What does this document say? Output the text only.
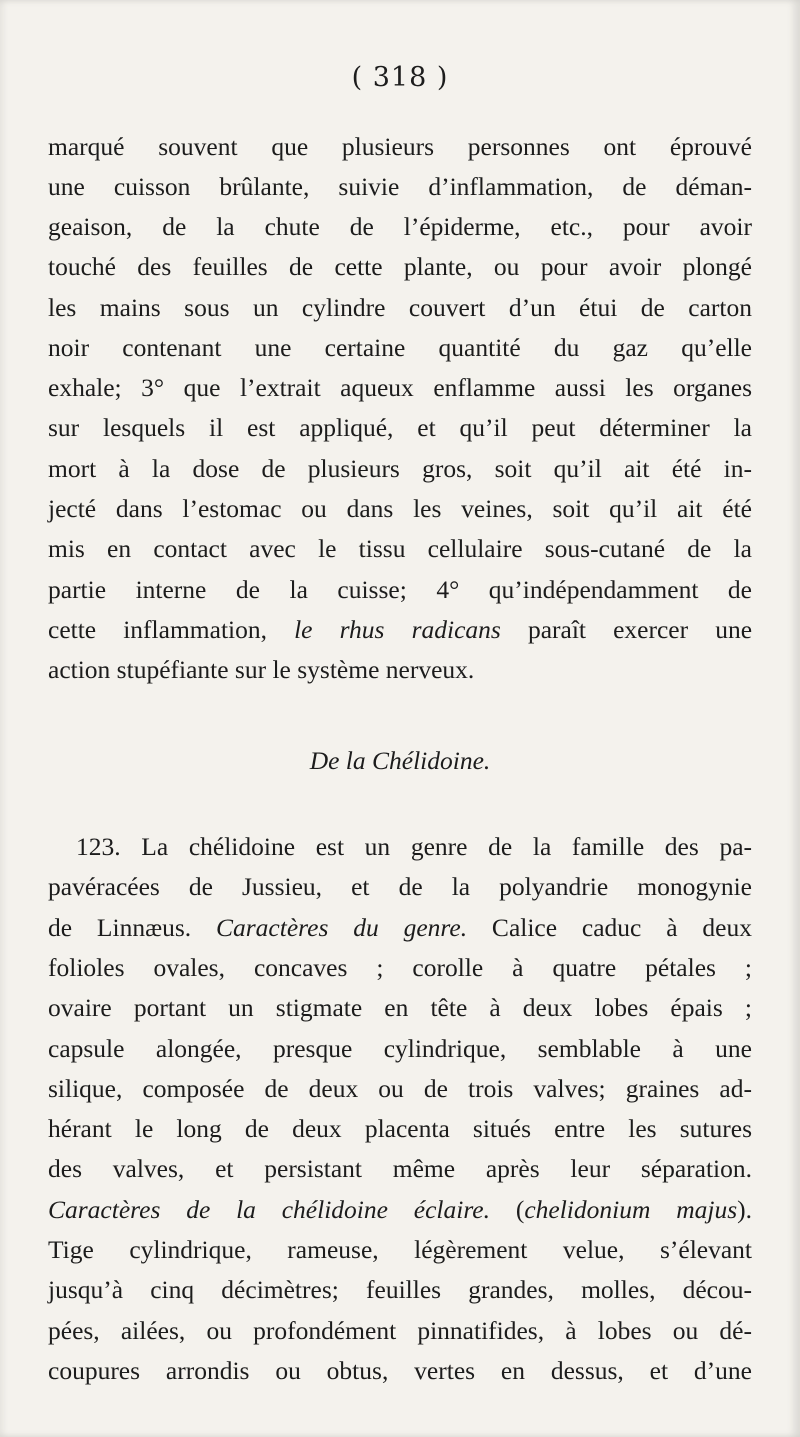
( 318 )
marqué souvent que plusieurs personnes ont éprouvé
une cuisson brûlante, suivie d’inflammation, de déman-
geaison, de la chute de l’épiderme, etc., pour avoir
touché des feuilles de cette plante, ou pour avoir plongé
les mains sous un cylindre couvert d’un étui de carton
noir contenant une certaine quantité du gaz qu’elle
exhale; 3° que l’extrait aqueux enflamme aussi les organes
sur lesquels il est appliqué, et qu’il peut déterminer la
mort à la dose de plusieurs gros, soit qu’il ait été in-
jecté dans l’estomac ou dans les veines, soit qu’il ait été
mis en contact avec le tissu cellulaire sous-cutané de la
partie interne de la cuisse; 4° qu’indépendamment de
cette inflammation, le rhus radicans paraît exercer une
action stupéfiante sur le système nerveux.
De la Chélidoine.
123. La chélidoine est un genre de la famille des pa-
pavéracées de Jussieu, et de la polyandrie monogynie
de Linnæus. Caractères du genre. Calice caduc à deux
folioles ovales, concaves ; corolle à quatre pétales ;
ovaire portant un stigmate en tête à deux lobes épais ;
capsule alongée, presque cylindrique, semblable à une
silique, composée de deux ou de trois valves; graines ad-
hérant le long de deux placenta situés entre les sutures
des valves, et persistant même après leur séparation.
Caractères de la chélidoine éclaire. (chelidonium majus).
Tige cylindrique, rameuse, légèrement velue, s’élevant
jusqu’à cinq décimètres; feuilles grandes, molles, décou-
pées, ailées, ou profondément pinnatifides, à lobes ou dé-
coupures arrondis ou obtus, vertes en dessus, et d’une
